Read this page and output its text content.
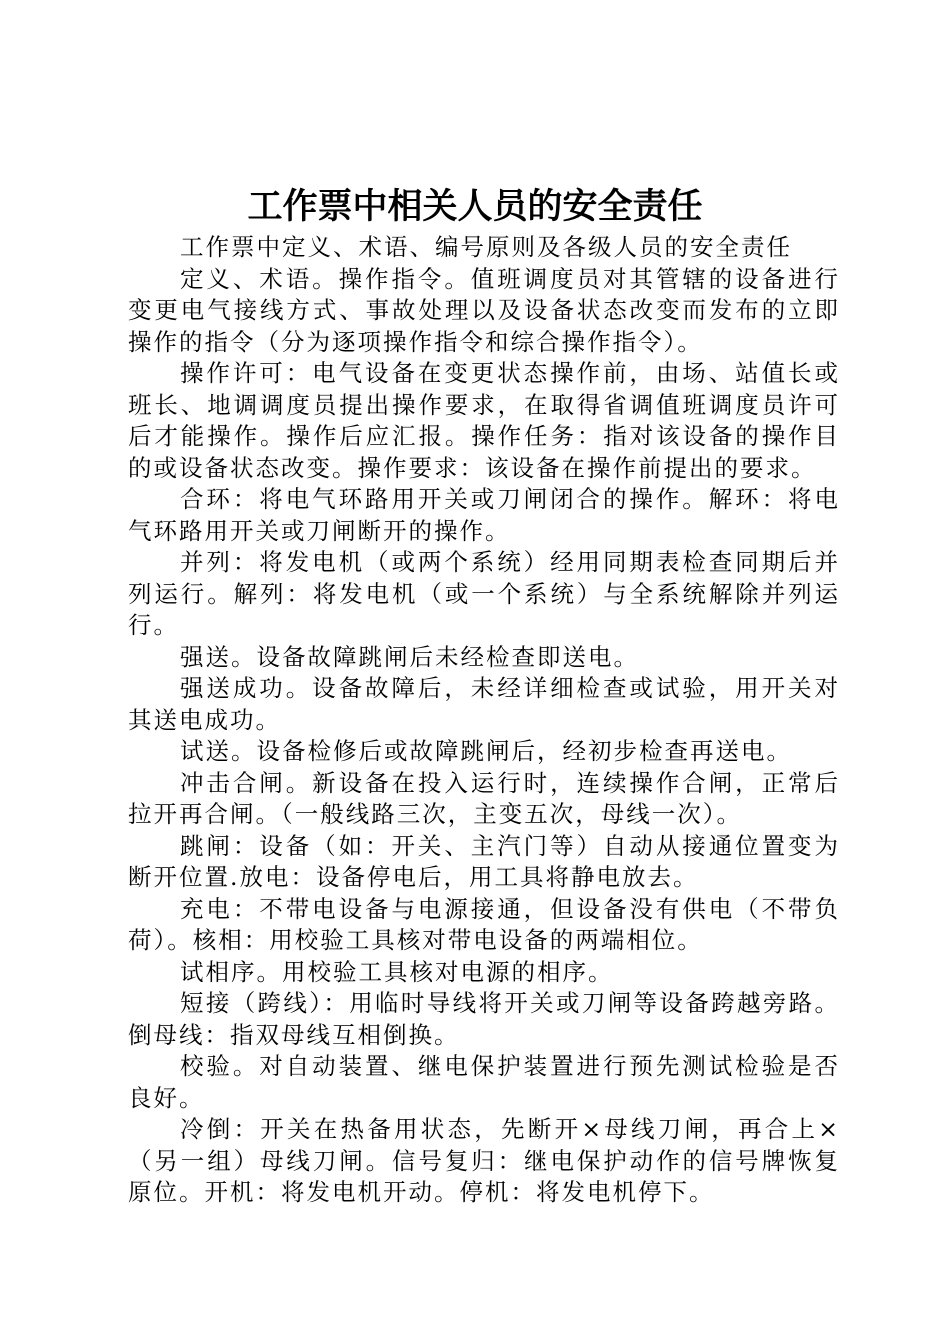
工作票中相关人员的安全责任

工作票中定义、术语、编号原则及各级人员的安全责任

定义、术语。操作指令。值班调度员对其管辖的设备进行变更电气接线方式、事故处理以及设备状态改变而发布的立即操作的指令（分为逐项操作指令和综合操作指令）。

操作许可：电气设备在变更状态操作前，由场、站值长或班长、地调调度员提出操作要求，在取得省调值班调度员许可后才能操作。操作后应汇报。操作任务：指对该设备的操作目的或设备状态改变。操作要求：该设备在操作前提出的要求。

合环：将电气环路用开关或刀闸闭合的操作。解环：将电气环路用开关或刀闸断开的操作。

并列：将发电机（或两个系统）经用同期表检查同期后并列运行。解列：将发电机（或一个系统）与全系统解除并列运行。

强送。设备故障跳闸后未经检查即送电。

强送成功。设备故障后，未经详细检查或试验，用开关对其送电成功。

试送。设备检修后或故障跳闸后，经初步检查再送电。

冲击合闸。新设备在投入运行时，连续操作合闸，正常后拉开再合闸。（一般线路三次，主变五次，母线一次）。

跳闸：设备（如：开关、主汽门等）自动从接通位置变为断开位置.放电：设备停电后，用工具将静电放去。

充电：不带电设备与电源接通，但设备没有供电（不带负荷）。核相：用校验工具核对带电设备的两端相位。

试相序。用校验工具核对电源的相序。

短接（跨线）：用临时导线将开关或刀闸等设备跨越旁路。倒母线：指双母线互相倒换。

校验。对自动装置、继电保护装置进行预先测试检验是否良好。

冷倒：开关在热备用状态，先断开×母线刀闸，再合上×（另一组）母线刀闸。信号复归：继电保护动作的信号牌恢复原位。开机：将发电机开动。停机：将发电机停下。
